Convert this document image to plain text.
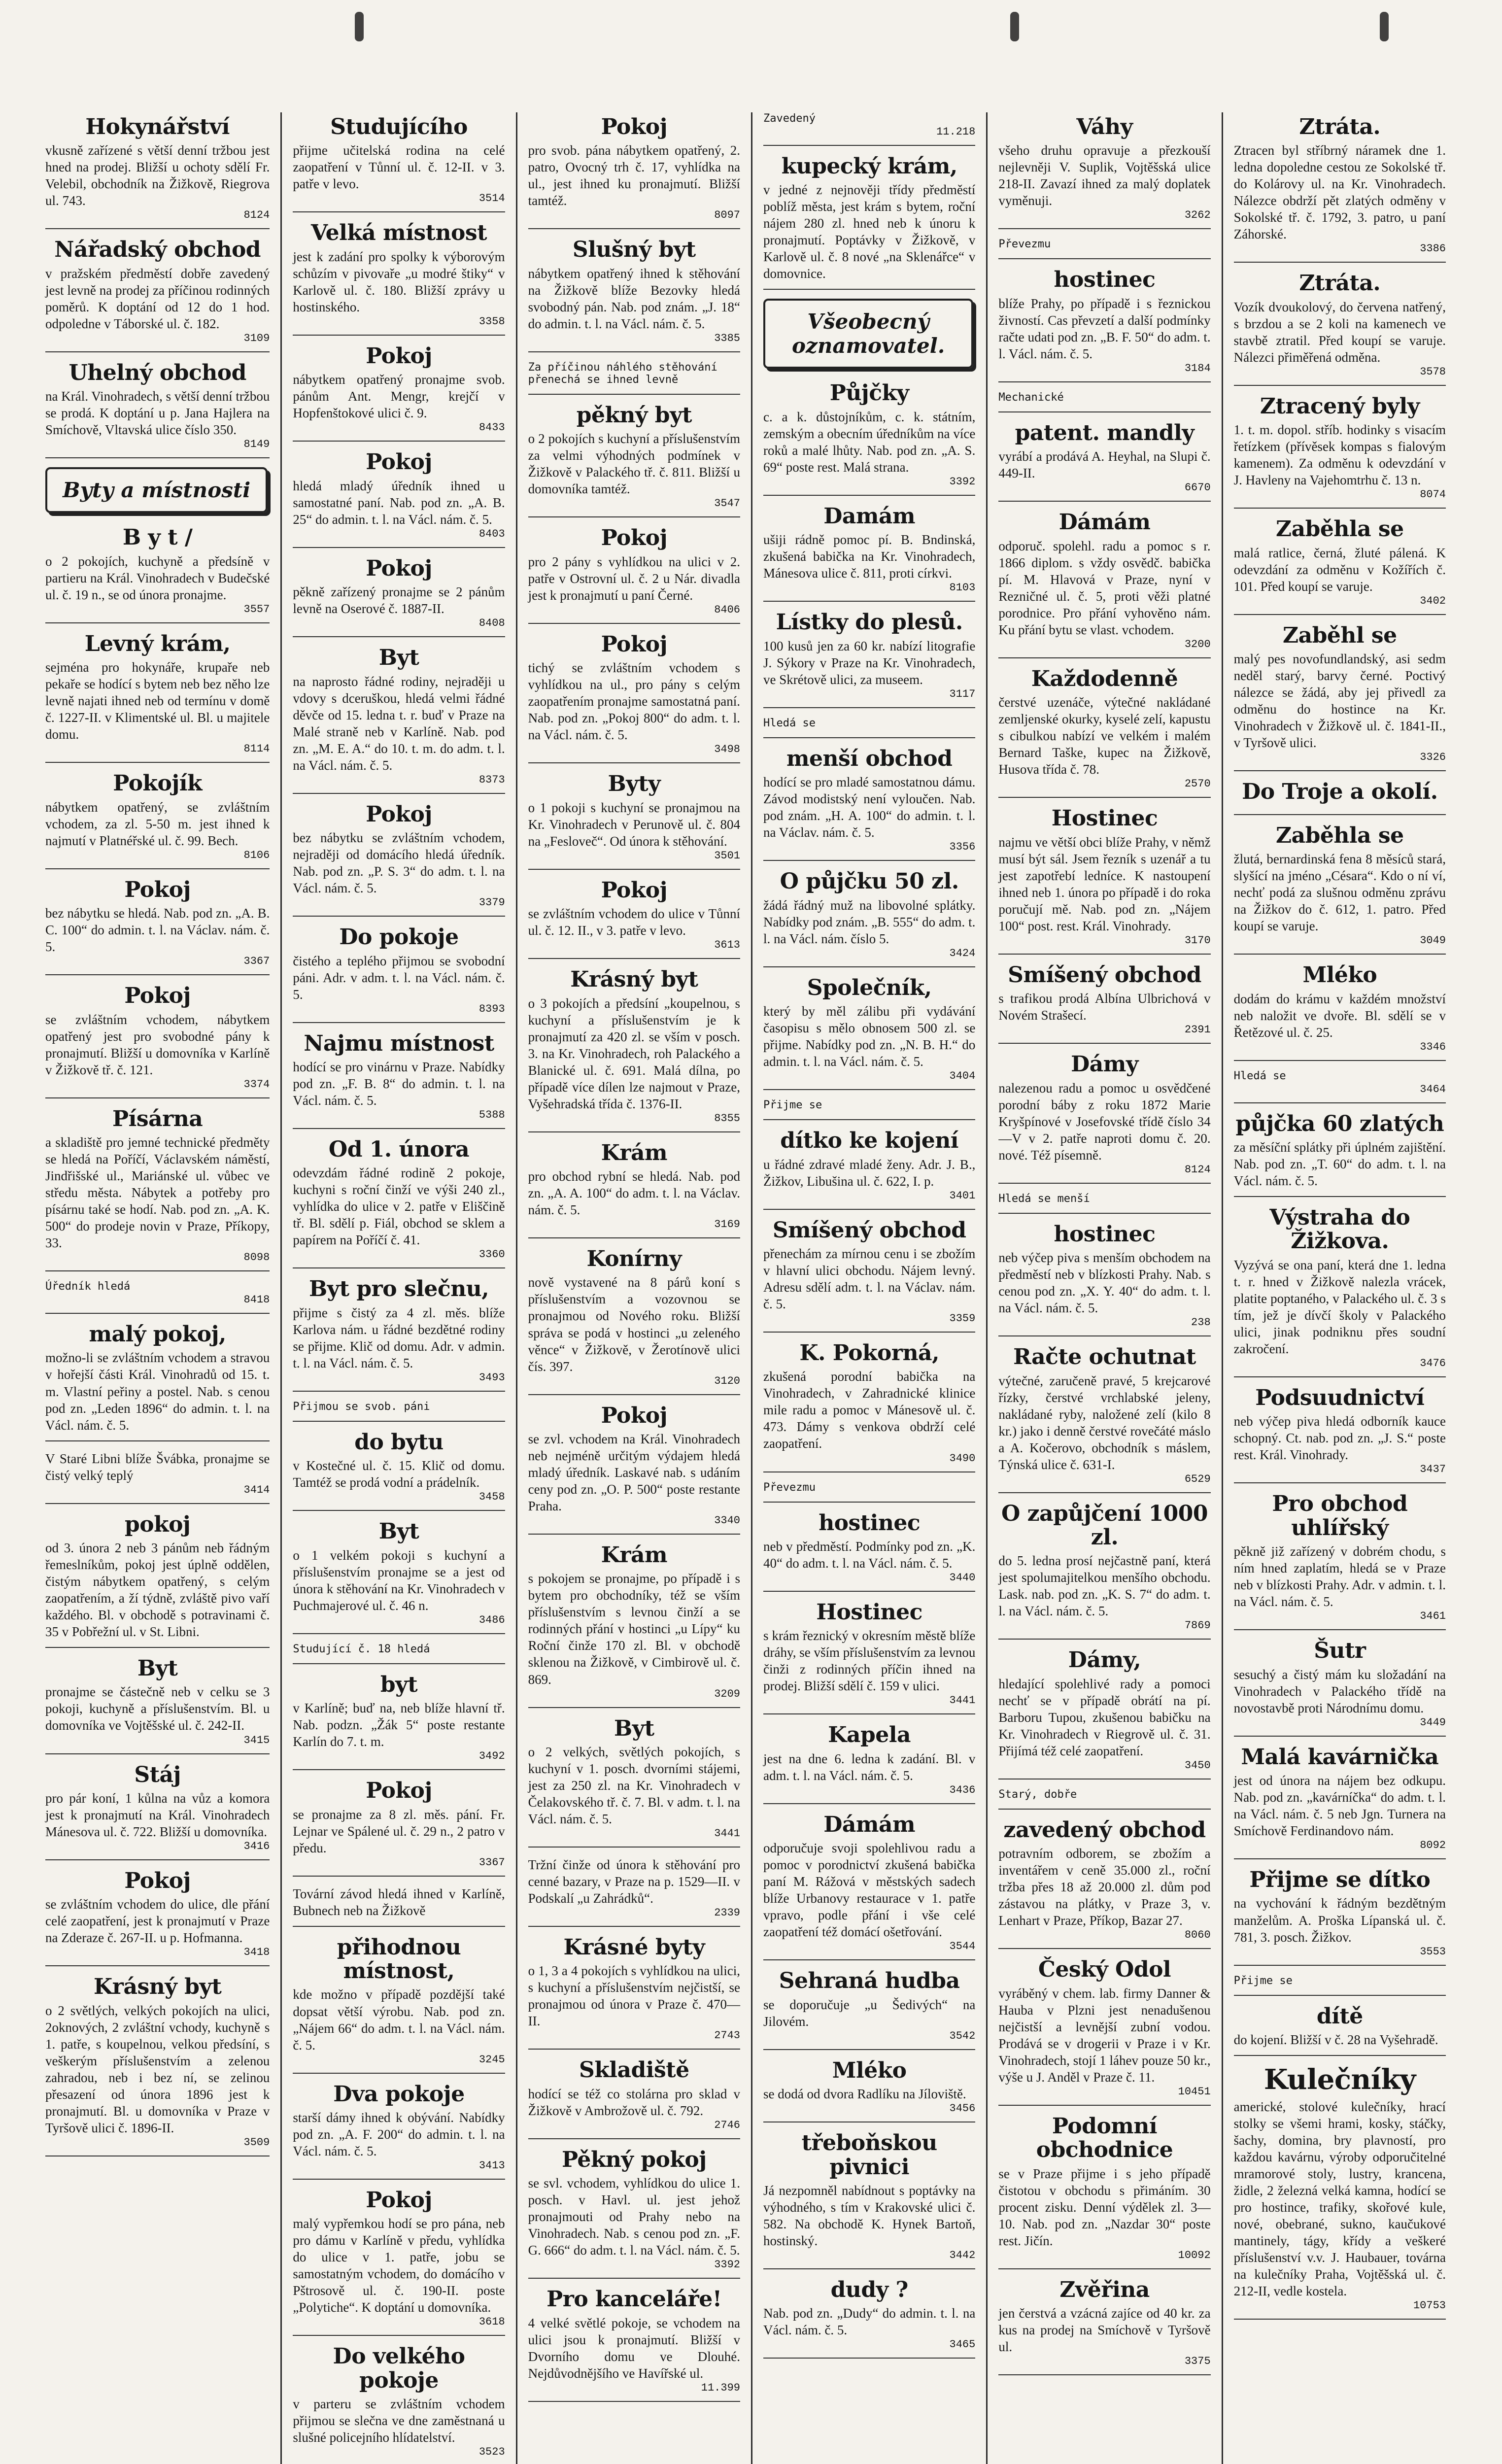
Hokynářství

vkusně zařízené s větší denní tržbou jest hned na prodej. Bližší u ochoty sdělí Fr. Velebil, obchodník na Žižkově, Riegrova ul. 743.

8124
Nářadský obchod

v pražském předměstí dobře zavedený jest levně na prodej za příčinou rodinných poměrů. K doptání od 12 do 1 hod. odpoledne v Táborské ul. č. 182.

3109
Uhelný obchod

na Král. Vinohradech, s větší denní tržbou se prodá. K doptání u p. Jana Hajlera na Smíchově, Vltavská ulice číslo 350.

8149
Byty a místnosti
B y t /

o 2 pokojích, kuchyně a předsíně v partieru na Král. Vinohradech v Budečské ul. č. 19 n., se od února pronajme.

3557
Levný krám,

sejména pro hokynáře, krupaře neb pekaře se hodící s bytem neb bez něho lze levně najati ihned neb od termínu v domě č. 1227-II. v Klimentské ul. Bl. u majitele domu.

8114
Pokojík

nábytkem opatřený, se zvláštním vchodem, za zl. 5-50 m. jest ihned k najmutí v Platnéřské ul. č. 99. Bech.

8106
Pokoj

bez nábytku se hledá. Nab. pod zn. „A. B. C. 100“ do admin. t. l. na Václav. nám. č. 5.

3367
Pokoj

se zvláštním vchodem, nábytkem opatřený jest pro svobodné pány k pronajmutí. Bližší u domovníka v Karlíně v Žižkově tř. č. 121.

3374
Písárna

a skladiště pro jemné technické předměty se hledá na Poříčí, Václavském náměstí, Jindřišské ul., Mariánské ul. vůbec ve středu města. Nábytek a potřeby pro písárnu také se hodí. Nab. pod zn. „A. K. 500“ do prodeje novin v Praze, Příkopy, 33.

8098
Úředník hledá
8418
malý pokoj,

možno-li se zvláštním vchodem a stravou v hořejší části Král. Vinohradů od 15. t. m. Vlastní peřiny a postel. Nab. s cenou pod zn. „Leden 1896“ do admin. t. l. na Václ. nám. č. 5.

V Staré Libni blíže Švábka, pronajme se čistý velký teplý

3414
pokoj

od 3. února 2 neb 3 pánům neb řádným řemeslníkům, pokoj jest úplně oddělen, čistým nábytkem opatřený, s celým zaopatřením, a ží týdně, zvláště pivo vaří každého. Bl. v obchodě s potravinami č. 35 v Pobřežní ul. v St. Libni.

Byt

pronajme se částečně neb v celku se 3 pokoji, kuchyně a příslušenstvím. Bl. u domovníka ve Vojtěšské ul. č. 242-II.

3415
Stáj

pro pár koní, 1 kůlna na vůz a komora jest k pronajmutí na Král. Vinohradech Mánesova ul. č. 722. Bližší u domovníka.

3416
Pokoj

se zvláštním vchodem do ulice, dle přání celé zaopatření, jest k pronajmutí v Praze na Zderaze č. 267-II. u p. Hofmanna.

3418
Krásný byt

o 2 světlých, velkých pokojích na ulici, 2oknových, 2 zvláštní vchody, kuchyně s 1. patře, s koupelnou, velkou předsíní, s veškerým příslušenstvím a zelenou zahradou, neb i bez ní, se zelinou přesazení od února 1896 jest k pronajmutí. Bl. u domovníka v Praze v Tyršově ulici č. 1896-II.

3509
Studujícího

přijme učitelská rodina na celé zaopatření v Tůnní ul. č. 12-II. v 3. patře v levo.

3514
Velká místnost

jest k zadání pro spolky k výborovým schůzím v pivovaře „u modré štiky“ v Karlově ul. č. 180. Bližší zprávy u hostinského.

3358
Pokoj

nábytkem opatřený pronajme svob. pánům Ant. Mengr, krejčí v Hopfenštokové ulici č. 9.

8433
Pokoj

hledá mladý úředník ihned u samostatné paní. Nab. pod zn. „A. B. 25“ do admin. t. l. na Václ. nám. č. 5.

8403
Pokoj

pěkně zařízený pronajme se 2 pánům levně na Oserové č. 1887-II.

8408
Byt

na naprosto řádné rodiny, nejraději u vdovy s dceruškou, hledá velmi řádné děvče od 15. ledna t. r. buď v Praze na Malé straně neb v Karlíně. Nab. pod zn. „M. E. A.“ do 10. t. m. do adm. t. l. na Václ. nám. č. 5.

8373
Pokoj

bez nábytku se zvláštním vchodem, nejraději od domácího hledá úředník. Nab. pod zn. „P. S. 3“ do adm. t. l. na Václ. nám. č. 5.

3379
Do pokoje

čistého a teplého přijmou se svobodní páni. Adr. v adm. t. l. na Václ. nám. č. 5.

8393
Najmu místnost

hodící se pro vinárnu v Praze. Nabídky pod zn. „F. B. 8“ do admin. t. l. na Václ. nám. č. 5.

5388
Od 1. února

odevzdám řádné rodině 2 pokoje, kuchyni s roční činží ve výši 240 zl., vyhlídka do ulice v 2. patře v Eliščině tř. Bl. sdělí p. Fiál, obchod se sklem a papírem na Poříčí č. 41.

3360
Byt pro slečnu,

přijme s čistý za 4 zl. měs. blíže Karlova nám. u řádné bezdětné rodiny se přijme. Klič od domu. Adr. v admin. t. l. na Václ. nám. č. 5.

3493
Přijmou se svob. páni
do bytu

v Kostečné ul. č. 15. Klič od domu. Tamtéž se prodá vodní a prádelník.

3458
Byt

o 1 velkém pokoji s kuchyní a příslušenstvím pronajme se a jest od února k stěhování na Kr. Vinohradech v Puchmajerové ul. č. 46 n.

3486
Studující č. 18 hledá
byt

v Karlíně; buď na, neb blíže hlavní tř. Nab. podzn. „Žák 5“ poste restante Karlín do 7. t. m.

3492
Pokoj

se pronajme za 8 zl. měs. pání. Fr. Lejnar ve Spálené ul. č. 29 n., 2 patro v předu.

3367

Tovární závod hledá ihned v Karlíně, Bubnech neb na Žižkově

přihodnou místnost,

kde možno v případě pozdější také dopsat větší výrobu. Nab. pod zn. „Nájem 66“ do adm. t. l. na Václ. nám. č. 5.

3245
Dva pokoje

starší dámy ihned k obývání. Nabídky pod zn. „A. F. 200“ do admin. t. l. na Václ. nám. č. 5.

3413
Pokoj

malý vypřemkou hodí se pro pána, neb pro dámu v Karlíně v předu, vyhlídka do ulice v 1. patře, jobu se samostatným vchodem, do domácího v Pštrosově ul. č. 190-II. poste „Polytiche“. K doptání u domovníka.

3618
Do velkého pokoje

v parteru se zvláštním vchodem přijmou se slečna ve dne zaměstnaná u slušné policejního hlídatelství.

3523
Pokoj

pro svob. pána nábytkem opatřený, 2. patro, Ovocný trh č. 17, vyhlídka na ul., jest ihned ku pronajmutí. Bližší tamtéž.

8097
Slušný byt

nábytkem opatřený ihned k stěhování na Žižkově blíže Bezovky hledá svobodný pán. Nab. pod znám. „J. 18“ do admin. t. l. na Václ. nám. č. 5.

3385
Za příčinou náhlého stěhování přenechá se ihned levně
pěkný byt

o 2 pokojích s kuchyní a příslušenstvím za velmi výhodných podmínek v Žižkově v Palackého tř. č. 811. Bližší u domovníka tamtéž.

3547
Pokoj

pro 2 pány s vyhlídkou na ulici v 2. patře v Ostrovní ul. č. 2 u Nár. divadla jest k pronajmutí u paní Černé.

8406
Pokoj

tichý se zvláštním vchodem s vyhlídkou na ul., pro pány s celým zaopatřením pronajme samostatná paní. Nab. pod zn. „Pokoj 800“ do adm. t. l. na Václ. nám. č. 5.

3498
Byty

o 1 pokoji s kuchyní se pronajmou na Kr. Vinohradech v Perunově ul. č. 804 na „Fesloveč“. Od února k stěhování.

3501
Pokoj

se zvláštním vchodem do ulice v Tůnní ul. č. 12. II., v 3. patře v levo.

3613
Krásný byt

o 3 pokojích a předsíní „koupelnou, s kuchyní a příslušenstvím je k pronajmutí za 420 zl. se vším v posch. 3. na Kr. Vinohradech, roh Palackého a Blanické ul. č. 691. Malá dílna, po případě více dílen lze najmout v Praze, Vyšehradská třída č. 1376-II.

8355
Krám

pro obchod rybní se hledá. Nab. pod zn. „A. A. 100“ do adm. t. l. na Václav. nám. č. 5.

3169
Konírny

nově vystavené na 8 párů koní s příslušenstvím a vozovnou se pronajmou od Nového roku. Bližší správa se podá v hostinci „u zeleného věnce“ v Žižkově, v Žerotínově ulici čís. 397.

3120
Pokoj

se zvl. vchodem na Král. Vinohradech neb nejméně určitým výdajem hledá mladý úředník. Laskavé nab. s udáním ceny pod zn. „O. P. 500“ poste restante Praha.

3340
Krám

s pokojem se pronajme, po případě i s bytem pro obchodníky, též se vším příslušenstvím s levnou činží a se rodinných přání v hostinci „u Lípy“ ku Roční činže 170 zl. Bl. v obchodě sklenou na Žižkově, v Cimbirově ul. č. 869.

3209
Byt

o 2 velkých, světlých pokojích, s kuchyní v 1. posch. dvorními stájemi, jest za 250 zl. na Kr. Vinohradech v Čelakovského tř. č. 7. Bl. v adm. t. l. na Václ. nám. č. 5.

3441

Tržní činže od února k stěhování pro cenné bazary, v Praze na p. 1529—II. v Podskalí „u Zahrádků“.

2339
Krásné byty

o 1, 3 a 4 pokojích s vyhlídkou na ulici, s kuchyní a příslušenstvím nejčistší, se pronajmou od února v Praze č. 470—II.

2743
Skladiště

hodící se též co stolárna pro sklad v Žižkově v Ambrožově ul. č. 792.

2746
Pěkný pokoj

se svl. vchodem, vyhlídkou do ulice 1. posch. v Havl. ul. jest jehož pronajmouti od Prahy nebo na Vinohradech. Nab. s cenou pod zn. „F. G. 666“ do adm. t. l. na Václ. nám. č. 5.

3392
Pro kanceláře!

4 velké světlé pokoje, se vchodem na ulici jsou k pronajmutí. Bližší v Dvorního domu ve Dlouhé. Nejdůvodnějšího ve Havířské ul.

11.399
Zavedený
11.218
kupecký krám,

v jedné z nejnověji třídy předměstí poblíž města, jest krám s bytem, roční nájem 280 zl. hned neb k únoru k pronajmutí. Poptávky v Žižkově, v Karlově ul. č. 8 nové „na Sklenářce“ v domovnice.

Všeobecný oznamovatel.
Půjčky

c. a k. důstojníkům, c. k. státním, zemským a obecním úředníkům na více roků a malé lhůty. Nab. pod zn. „A. S. 69“ poste rest. Malá strana.

3392
Damám

ušiji rádně pomoc pí. B. Bndinská, zkušená babička na Kr. Vinohradech, Mánesova ulice č. 811, proti církvi.

8103
Lístky do plesů.

100 kusů jen za 60 kr. nabízí litografie J. Sýkory v Praze na Kr. Vinohradech, ve Skrétově ulici, za museem.

3117
Hledá se
menší obchod

hodící se pro mladé samostatnou dámu. Závod modistský není vyloučen. Nab. pod znám. „H. A. 100“ do admin. t. l. na Václav. nám. č. 5.

3356
O půjčku 50 zl.

žádá řádný muž na libovolné splátky. Nabídky pod znám. „B. 555“ do adm. t. l. na Václ. nám. číslo 5.

3424
Společník,

který by měl zálibu při vydávání časopisu s mělo obnosem 500 zl. se přijme. Nabídky pod zn. „N. B. H.“ do admin. t. l. na Václ. nám. č. 5.

3404
Přijme se
dítko ke kojení

u řádné zdravé mladé ženy. Adr. J. B., Žižkov, Libušina ul. č. 622, I. p.

3401
Smíšený obchod

přenechám za mírnou cenu i se zbožím v hlavní ulici obchodu. Nájem levný. Adresu sdělí adm. t. l. na Václav. nám. č. 5.

3359
K. Pokorná,

zkušená porodní babička na Vinohradech, v Zahradnické klinice mile radu a pomoc v Mánesově ul. č. 473. Dámy s venkova obdrží celé zaopatření.

3490
Převezmu
hostinec

neb v předměstí. Podmínky pod zn. „K. 40“ do adm. t. l. na Václ. nám. č. 5.

3440
Hostinec

s krám řeznický v okresním městě blíže dráhy, se vším příslušenstvím za levnou činži z rodinných příčin ihned na prodej. Bližší sdělí č. 159 v ulici.

3441
Kapela

jest na dne 6. ledna k zadání. Bl. v adm. t. l. na Václ. nám. č. 5.

3436
Dámám

odporučuje svoji spolehlivou radu a pomoc v porodnictví zkušená babička paní M. Rážová v městských sadech blíže Urbanovy restaurace v 1. patře vpravo, podle přání i vše celé zaopatření též domácí ošetřování.

3544
Sehraná hudba

se doporučuje „u Šedivých“ na Jilovém.

3542
Mléko

se dodá od dvora Radlíku na Jíloviště.

3456
třeboňskou pivnici

Já nezpomněl nabídnout s poptávky na výhodného, s tím v Krakovské ulici č. 582. Na obchodě K. Hynek Bartoň, hostinský.

3442
dudy ?

Nab. pod zn. „Dudy“ do admin. t. l. na Václ. nám. č. 5.

3465
Váhy

všeho druhu opravuje a přezkouší nejlevněji V. Suplik, Vojtěšská ulice 218-II. Zavazí ihned za malý doplatek vyměnuji.

3262
Převezmu
hostinec

blíže Prahy, po případě i s řeznickou živností. Cas převzetí a další podmínky račte udati pod zn. „B. F. 50“ do adm. t. l. Václ. nám. č. 5.

3184
Mechanické
patent. mandly

vyrábí a prodává A. Heyhal, na Slupi č. 449-II.

6670
Dámám

odporuč. spolehl. radu a pomoc s r. 1866 diplom. s vždy osvědč. babička pí. M. Hlavová v Praze, nyní v Rezničné ul. č. 5, proti věži platné porodnice. Pro přání vyhověno nám. Ku přání bytu se vlast. vchodem.

3200
Každodenně

čerstvé uzenáče, výtečné nakládané zemljenské okurky, kyselé zelí, kapustu s cibulkou nabízí ve velkém i malém Bernard Taške, kupec na Žižkově, Husova třída č. 78.

2570
Hostinec

najmu ve větší obci blíže Prahy, v němž musí být sál. Jsem řezník s uzenář a tu jest zapotřebí ledníce. K nastoupení ihned neb 1. února po případě i do roka poručují mě. Nab. pod zn. „Nájem 100“ post. rest. Král. Vinohrady.

3170
Smíšený obchod

s trafikou prodá Albína Ulbrichová v Novém Strašecí.

2391
Dámy

nalezenou radu a pomoc u osvědčené porodní báby z roku 1872 Marie Kryšpínové v Josefovské třídě číslo 34—V v 2. patře naproti domu č. 20. nové. Též písemně.

8124
Hledá se menší
hostinec

neb výčep piva s menším obchodem na předměstí neb v blízkosti Prahy. Nab. s cenou pod zn. „X. Y. 40“ do adm. t. l. na Václ. nám. č. 5.

238
Račte ochutnat

výtečné, zaručeně pravé, 5 krejcarové řízky, čerstvé vrchlabské jeleny, nakládané ryby, naložené zelí (kilo 8 kr.) jako i denně čerstvé rovečáté máslo a A. Kočerovo, obchodník s máslem, Týnská ulice č. 631-I.

6529
O zapůjčení 1000 zl.

do 5. ledna prosí nejčastně paní, která jest spolumajitelkou menšího obchodu. Lask. nab. pod zn. „K. S. 7“ do adm. t. l. na Václ. nám. č. 5.

7869
Dámy,

hledající spolehlivé rady a pomoci nechť se v případě obrátí na pí. Barboru Tupou, zkušenou babičku na Kr. Vinohradech v Riegrově ul. č. 31. Přijímá též celé zaopatření.

3450
Starý, dobře
zavedený obchod

potravním odborem, se zbožím a inventářem v ceně 35.000 zl., roční tržba přes 18 až 20.000 zl. dům pod zástavou na plátky, v Praze 3, v. Lenhart v Praze, Příkop, Bazar 27.

8060
Český Odol

vyráběný v chem. lab. firmy Danner & Hauba v Plzni jest nenadušenou nejčistší a levnější zubní vodou. Prodává se v drogerii v Praze i v Kr. Vinohradech, stojí 1 láhev pouze 50 kr., výše u J. Anděl v Praze č. 11.

10451
Podomní obchodnice

se v Praze přijme i s jeho případě čistotou v obchodu s přimáním. 30 procent zisku. Denní výdělek zl. 3—10. Nab. pod zn. „Nazdar 30“ poste rest. Jičín.

10092
Zvěřina

jen čerstvá a vzácná zajíce od 40 kr. za kus na prodej na Smíchově v Tyršově ul.

3375
Ztráta.

Ztracen byl stříbrný náramek dne 1. ledna dopoledne cestou ze Sokolské tř. do Kolárovy ul. na Kr. Vinohradech. Nálezce obdrží pět zlatých odměny v Sokolské tř. č. 1792, 3. patro, u paní Záhorské.

3386
Ztráta.

Vozík dvoukolový, do červena natřený, s brzdou a se 2 koli na kamenech ve stavbě ztratil. Před koupí se varuje. Nálezci přiměřená odměna.

3578
Ztracený byly

1. t. m. dopol. stříb. hodinky s visacím řetízkem (přívěsek kompas s fialovým kamenem). Za odměnu k odevzdání v J. Havleny na Vajehomtrhu č. 13 n.

8074
Zaběhla se

malá ratlice, černá, žluté pálená. K odevzdání za odměnu v Kožířích č. 101. Před koupí se varuje.

3402
Zaběhl se

malý pes novofundlandský, asi sedm neděl starý, barvy černé. Poctivý nálezce se žádá, aby jej přivedl za odměnu do hostince na Kr. Vinohradech v Žižkově ul. č. 1841-II., v Tyršově ulici.

3326
Do Troje a okolí.
Zaběhla se

žlutá, bernardinská fena 8 měsíců stará, slyšící na jméno „Césara“. Kdo o ní ví, nechť podá za slušnou odměnu zprávu na Žižkov do č. 612, 1. patro. Před koupí se varuje.

3049
Mléko

dodám do krámu v každém množství neb naložit ve dvoře. Bl. sdělí se v Řetězové ul. č. 25.

3346
Hledá se
3464
půjčka 60 zlatých

za měsíční splátky při úplném zajištění. Nab. pod zn. „T. 60“ do adm. t. l. na Václ. nám. č. 5.

Výstraha do Žižkova.

Vyzývá se ona paní, která dne 1. ledna t. r. hned v Žižkově nalezla vrácek, platite poptaného, v Palackého ul. č. 3 s tím, jež je dívčí školy v Palackého ulici, jinak podniknu přes soudní zakročení.

3476
Podsuudnictví

neb výčep piva hledá odborník kauce schopný. Ct. nab. pod zn. „J. S.“ poste rest. Král. Vinohrady.

3437
Pro obchod uhlířský

pěkně již zařízený v dobrém chodu, s ním hned zaplatím, hledá se v Praze neb v blízkosti Prahy. Adr. v admin. t. l. na Václ. nám. č. 5.

3461
Šutr

sesuchý a čistý mám ku složadání na Vinohradech v Palackého třídě na novostavbě proti Národnímu domu.

3449
Malá kavárnička

jest od února na nájem bez odkupu. Nab. pod zn. „kavárníčka“ do adm. t. l. na Václ. nám. č. 5 neb Jgn. Turnera na Smíchově Ferdinandovo nám.

8092
Přijme se dítko

na vychování k řádným bezdětným manželům. A. Proška Lípanská ul. č. 781, 3. posch. Žižkov.

3553
Přijme se
dítě

do kojení. Bližší v č. 28 na Vyšehradě.

Kulečníky

americké, stolové kulečníky, hrací stolky se všemi hrami, kosky, stáčky, šachy, domina, bry plavností, pro každou kavárnu, výroby odporučitelné mramorové stoly, lustry, krancena, židle, 2 železná velká kamna, hodící se pro hostince, trafiky, skořové kule, nové, obebrané, sukno, kaučukové mantinely, tágy, křídy a veškeré příslušenství v.v. J. Haubauer, továrna na kulečníky Praha, Vojtěšská ul. č. 212-II, vedle kostela.

10753
